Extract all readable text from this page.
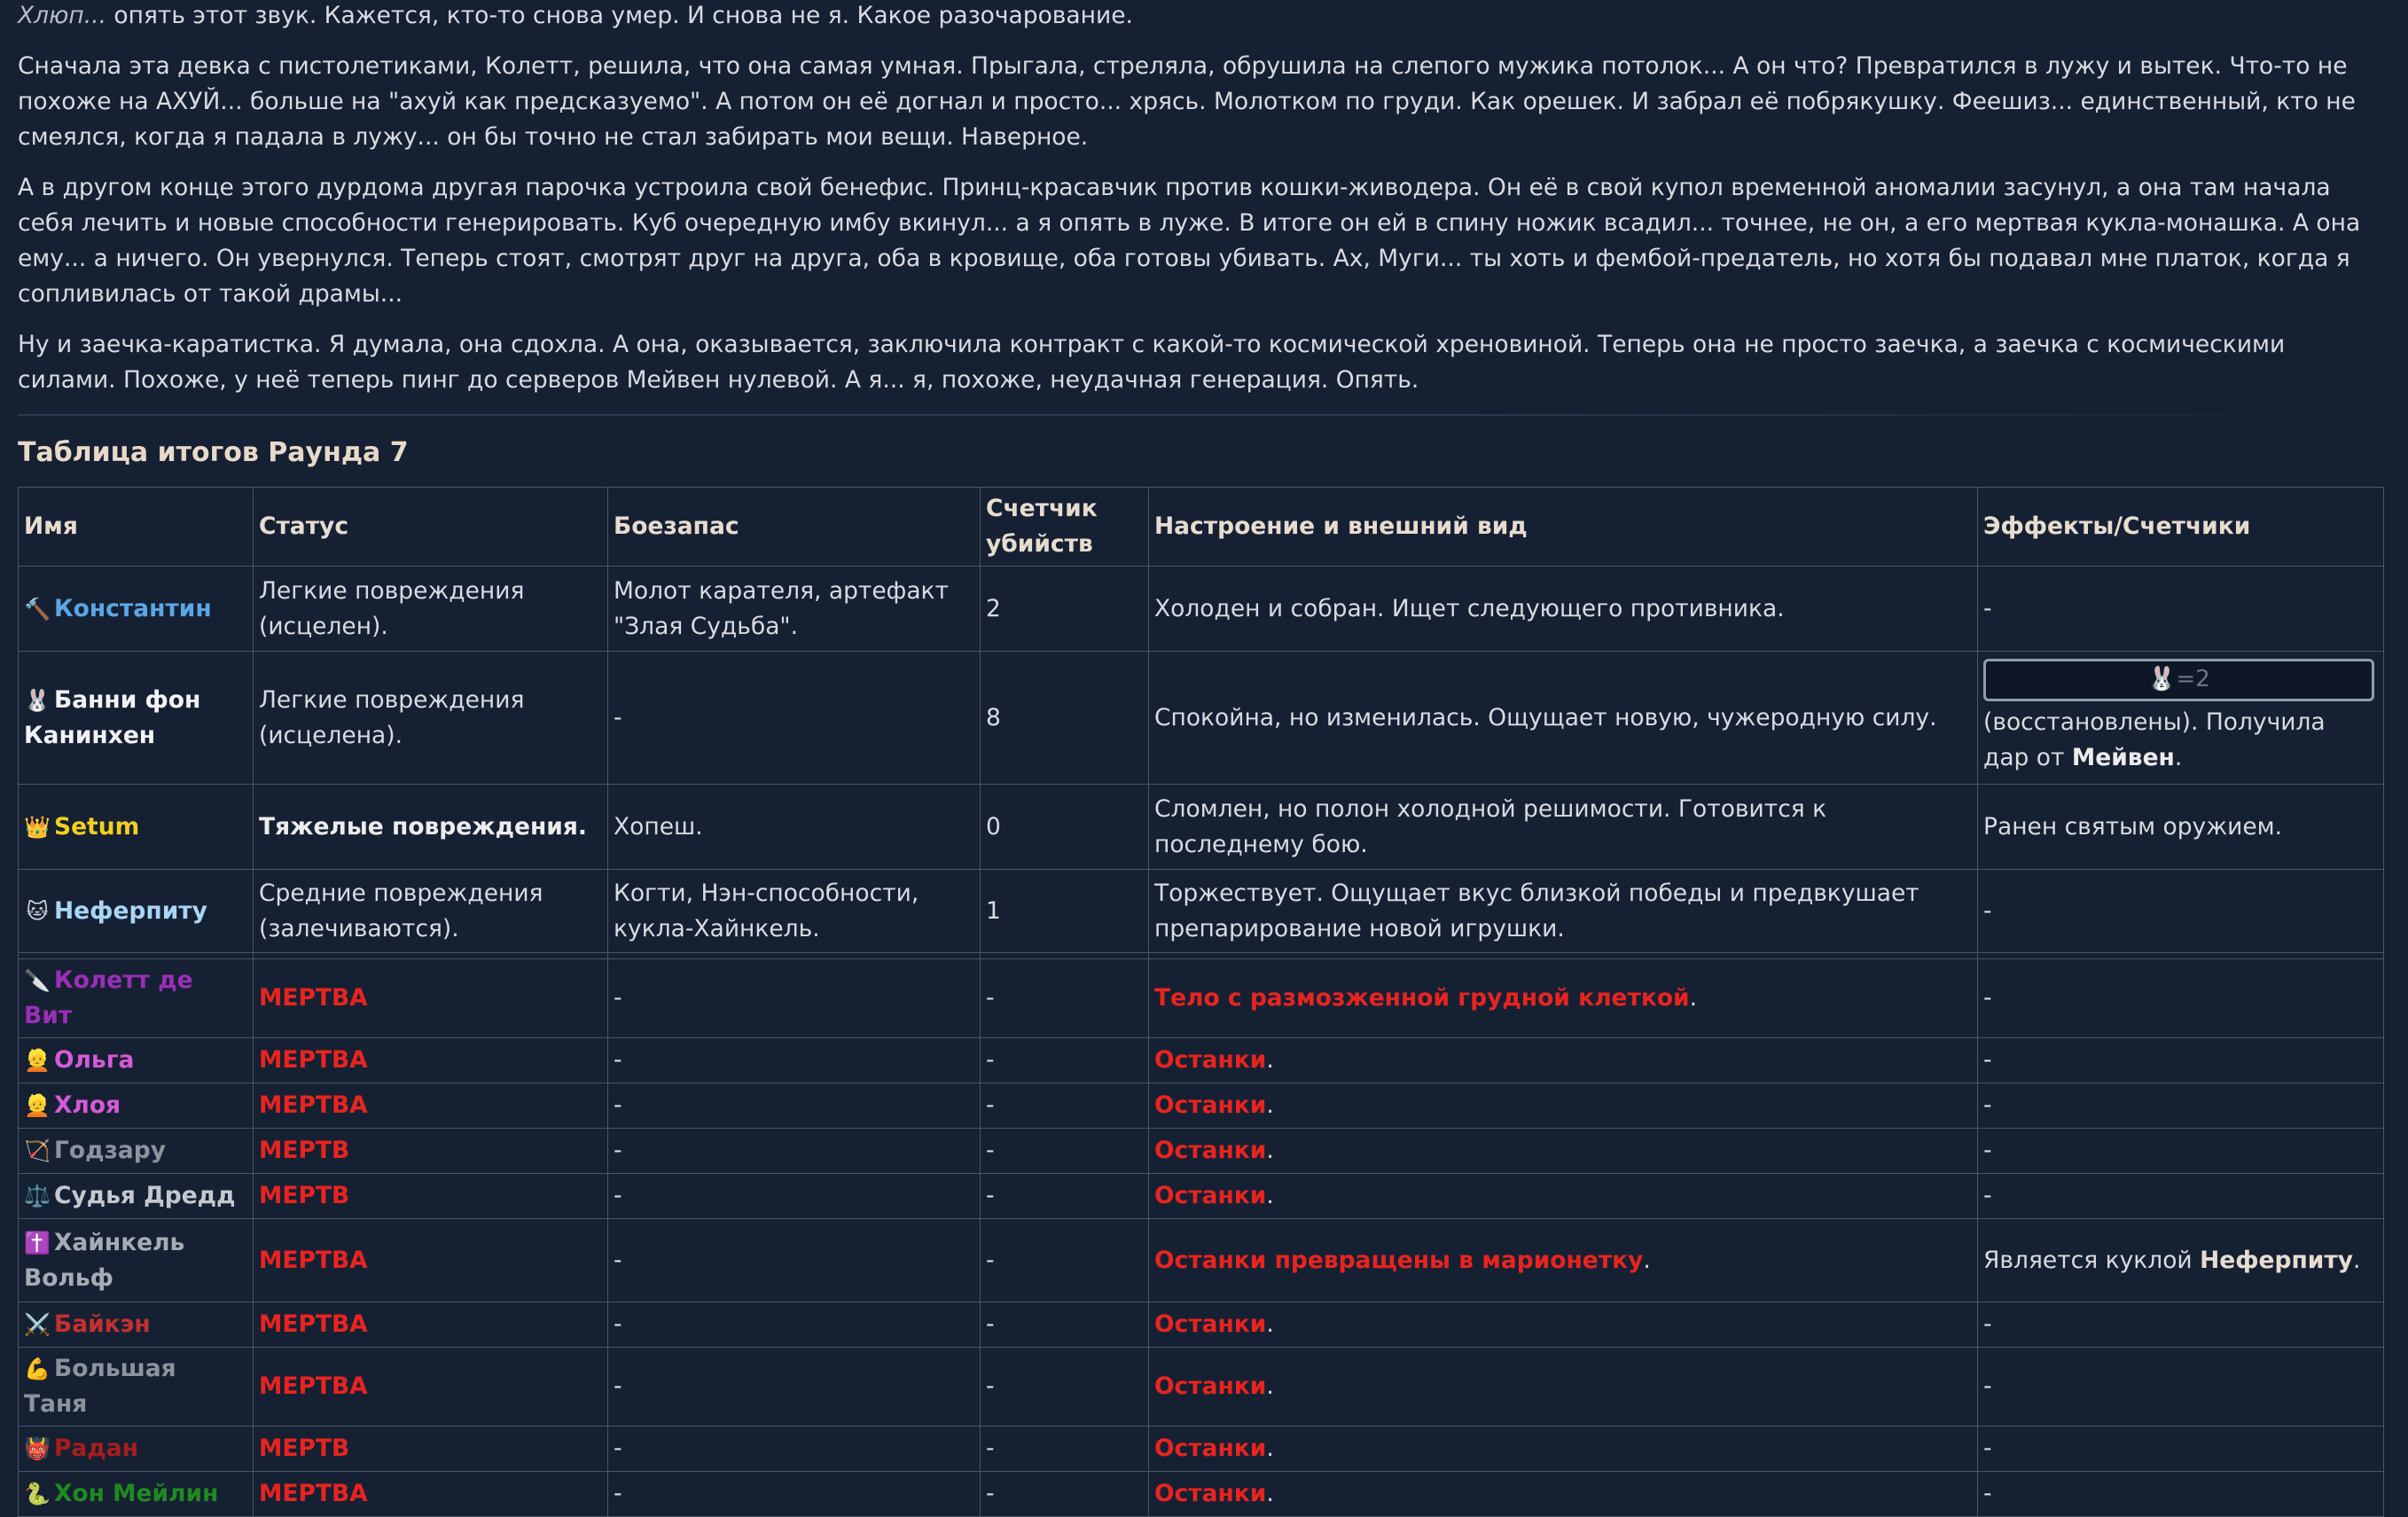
Хлюп... опять этот звук. Кажется, кто-то снова умер. И снова не я. Какое разочарование.

Сначала эта девка с пистолетиками, Колетт, решила, что она самая умная. Прыгала, стреляла, обрушила на слепого мужика потолок... А он что? Превратился в лужу и вытек. Что-то не похоже на АХУЙ... больше на "ахуй как предсказуемо". А потом он её догнал и просто... хрясь. Молотком по груди. Как орешек. И забрал её побрякушку. Феешиз... единственный, кто не смеялся, когда я падала в лужу... он бы точно не стал забирать мои вещи. Наверное.

А в другом конце этого дурдома другая парочка устроила свой бенефис. Принц-красавчик против кошки-живодера. Он её в свой купол временной аномалии засунул, а она там начала себя лечить и новые способности генерировать. Куб очередную имбу вкинул... а я опять в луже. В итоге он ей в спину ножик всадил... точнее, не он, а его мертвая кукла-монашка. А она ему... а ничего. Он увернулся. Теперь стоят, смотрят друг на друга, оба в кровище, оба готовы убивать. Ах, Муги... ты хоть и фембой-предатель, но хотя бы подавал мне платок, когда я сопливилась от такой драмы...

Ну и заечка-каратистка. Я думала, она сдохла. А она, оказывается, заключила контракт с какой-то космической хреновиной. Теперь она не просто заечка, а заечка с космическими силами. Похоже, у неё теперь пинг до серверов Мейвен нулевой. А я... я, похоже, неудачная генерация. Опять.

Таблица итогов Раунда 7
Имя	Статус	Боезапас	Счетчик убийств	Настроение и внешний вид	Эффекты/Счетчики
🔨 Константин	Легкие повреждения (исцелен).	Молот карателя, артефакт "Злая Судьба".	2	Холоден и собран. Ищет следующего противника.	-
🐰 Банни фон Канинхен	Легкие повреждения (исцелена).	-	8	Спокойна, но изменилась. Ощущает новую, чужеродную силу.	🐰=2
(восстановлены). Получила дар от Мейвен.
👑 Setum	Тяжелые повреждения.	Хопеш.	0	Сломлен, но полон холодной решимости. Готовится к последнему бою.	Ранен святым оружием.
🐱 Неферпиту	Средние повреждения (залечиваются).	Когти, Нэн-способности, кукла-Хайнкель.	1	Торжествует. Ощущает вкус близкой победы и предвкушает препарирование новой игрушки.	-

🔪 Колетт де Вит	МЕРТВА	-	-	Тело с размозженной грудной клеткой.	-
👱 Ольга	МЕРТВА	-	-	Останки.	-
👱 Хлоя	МЕРТВА	-	-	Останки.	-
🏹 Годзару	МЕРТВ	-	-	Останки.	-
⚖️ Судья Дредд	МЕРТВ	-	-	Останки.	-
✝️ Хайнкель Вольф	МЕРТВА	-	-	Останки превращены в марионетку.	Является куклой Неферпиту.
⚔️ Байкэн	МЕРТВА	-	-	Останки.	-
💪 Большая Таня	МЕРТВА	-	-	Останки.	-
👹 Радан	МЕРТВ	-	-	Останки.	-
🐍 Хон Мейлин	МЕРТВА	-	-	Останки.	-
